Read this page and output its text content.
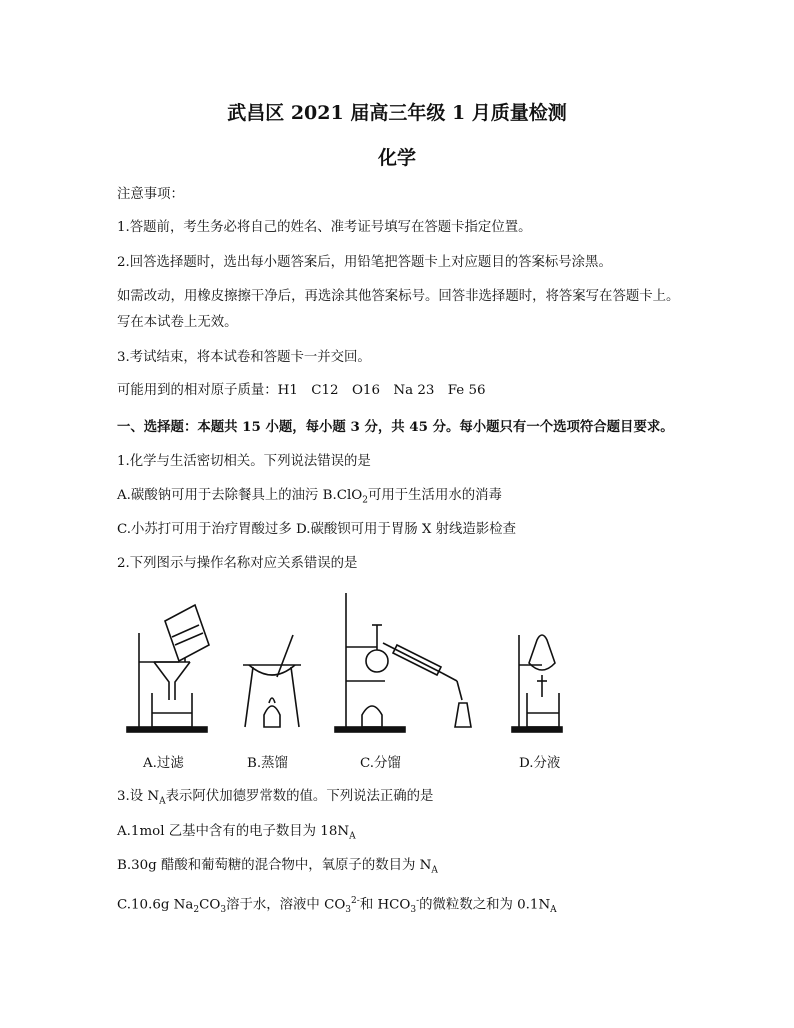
武昌区 2021 届高三年级 1 月质量检测
化学
注意事项：
1.答题前，考生务必将自己的姓名、准考证号填写在答题卡指定位置。
2.回答选择题时，选出每小题答案后，用铅笔把答题卡上对应题目的答案标号涂黑。
如需改动，用橡皮擦擦干净后，再选涂其他答案标号。回答非选择题时，将答案写在答题卡上。
写在本试卷上无效。
3.考试结束，将本试卷和答题卡一并交回。
可能用到的相对原子质量：H1　C12　O16　Na 23　Fe 56
一、选择题：本题共 15 小题，每小题 3 分，共 45 分。每小题只有一个选项符合题目要求。
1.化学与生活密切相关。下列说法错误的是
A.碳酸钠可用于去除餐具上的油污 B.ClO$_2$可用于生活用水的消毒
C.小苏打可用于治疗胃酸过多 D.碳酸钡可用于胃肠 X 射线造影检查
2.下列图示与操作名称对应关系错误的是
A.过滤	B.蒸馏	C.分馏	D.分液
3.设 $N_A$表示阿伏加德罗常数的值。下列说法正确的是
A.1mol 乙基中含有的电子数目为 $18N_A$
B.30g 醋酸和葡萄糖的混合物中，氧原子的数目为 $N_A$
C.10.6g $Na_2CO_3$溶于水，溶液中 $CO_3^{2-}$和 $HCO_3^-$的微粒数之和为 $0.1N_A$
